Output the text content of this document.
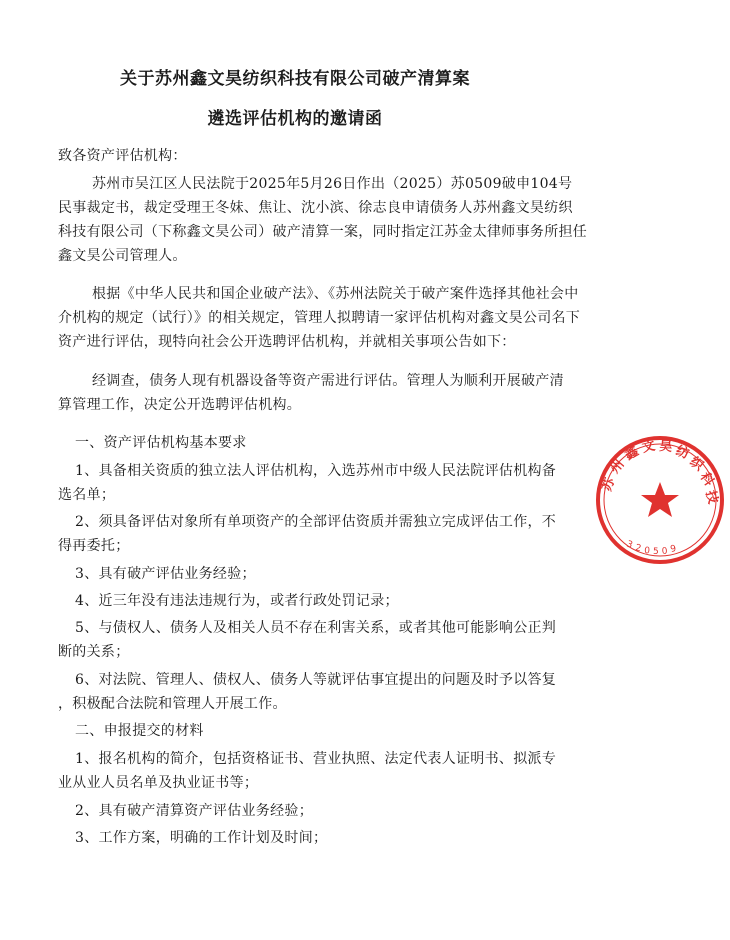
关于苏州鑫文昊纺织科技有限公司破产清算案
遴选评估机构的邀请函
致各资产评估机构：
苏州市吴江区人民法院于2025年5月26日作出（2025）苏0509破申104号
民事裁定书，裁定受理王冬妹、焦让、沈小滨、徐志良申请债务人苏州鑫文昊纺织
科技有限公司（下称鑫文昊公司）破产清算一案，同时指定江苏金太律师事务所担任
鑫文昊公司管理人。
根据《中华人民共和国企业破产法》、《苏州法院关于破产案件选择其他社会中
介机构的规定（试行）》的相关规定，管理人拟聘请一家评估机构对鑫文昊公司名下
资产进行评估，现特向社会公开选聘评估机构，并就相关事项公告如下：
经调查，债务人现有机器设备等资产需进行评估。管理人为顺利开展破产清
算管理工作，决定公开选聘评估机构。
一、资产评估机构基本要求
1、具备相关资质的独立法人评估机构，入选苏州市中级人民法院评估机构备
选名单；
2、须具备评估对象所有单项资产的全部评估资质并需独立完成评估工作，不
得再委托；
3、具有破产评估业务经验；
4、近三年没有违法违规行为，或者行政处罚记录；
5、与债权人、债务人及相关人员不存在利害关系，或者其他可能影响公正判
断的关系；
6、对法院、管理人、债权人、债务人等就评估事宜提出的问题及时予以答复
，积极配合法院和管理人开展工作。
二、申报提交的材料
1、报名机构的简介，包括资格证书、营业执照、法定代表人证明书、拟派专
业从业人员名单及执业证书等；
2、具有破产清算资产评估业务经验；
3、工作方案，明确的工作计划及时间；
苏
州
鑫 文 昊 纺
织
科
技
3 2 0 5 0 9
